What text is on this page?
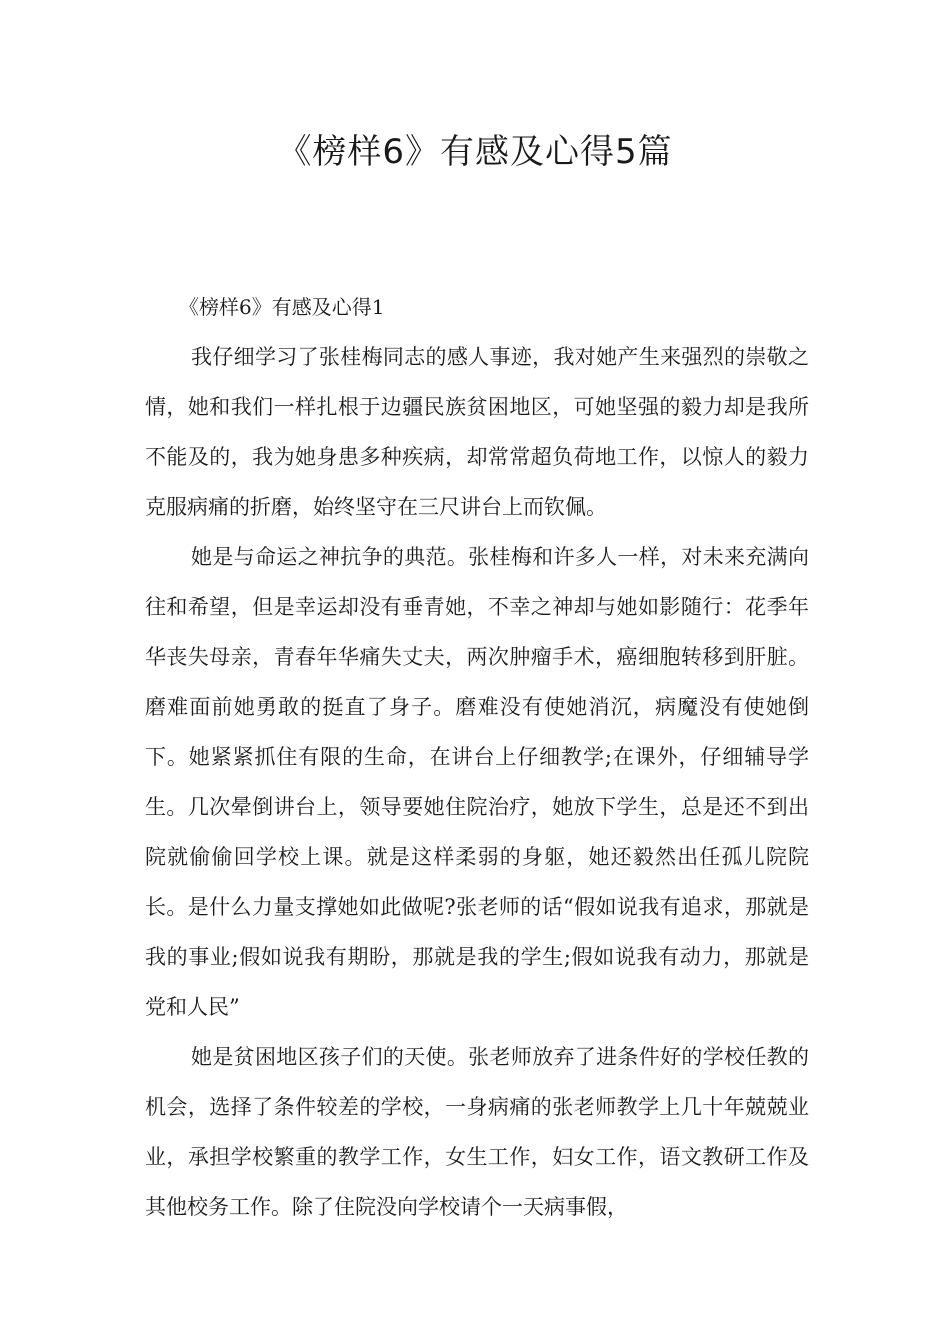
《榜样6》有感及心得5篇
《榜样6》有感及心得1

我仔细学习了张桂梅同志的感人事迹，我对她产生来强烈的崇敬之情，她和我们一样扎根于边疆民族贫困地区，可她坚强的毅力却是我所不能及的，我为她身患多种疾病，却常常超负荷地工作，以惊人的毅力克服病痛的折磨，始终坚守在三尺讲台上而钦佩。

她是与命运之神抗争的典范。张桂梅和许多人一样，对未来充满向往和希望，但是幸运却没有垂青她，不幸之神却与她如影随行：花季年华丧失母亲，青春年华痛失丈夫，两次肿瘤手术，癌细胞转移到肝脏。磨难面前她勇敢的挺直了身子。磨难没有使她消沉，病魔没有使她倒下。她紧紧抓住有限的生命，在讲台上仔细教学;在课外，仔细辅导学生。几次晕倒讲台上，领导要她住院治疗，她放下学生，总是还不到出院就偷偷回学校上课。就是这样柔弱的身躯，她还毅然出任孤儿院院长。是什么力量支撑她如此做呢?张老师的话“假如说我有追求，那就是我的事业;假如说我有期盼，那就是我的学生;假如说我有动力，那就是党和人民”

她是贫困地区孩子们的天使。张老师放弃了进条件好的学校任教的机会，选择了条件较差的学校，一身病痛的张老师教学上几十年兢兢业业，承担学校繁重的教学工作，女生工作，妇女工作，语文教研工作及其他校务工作。除了住院没向学校请个一天病事假，
